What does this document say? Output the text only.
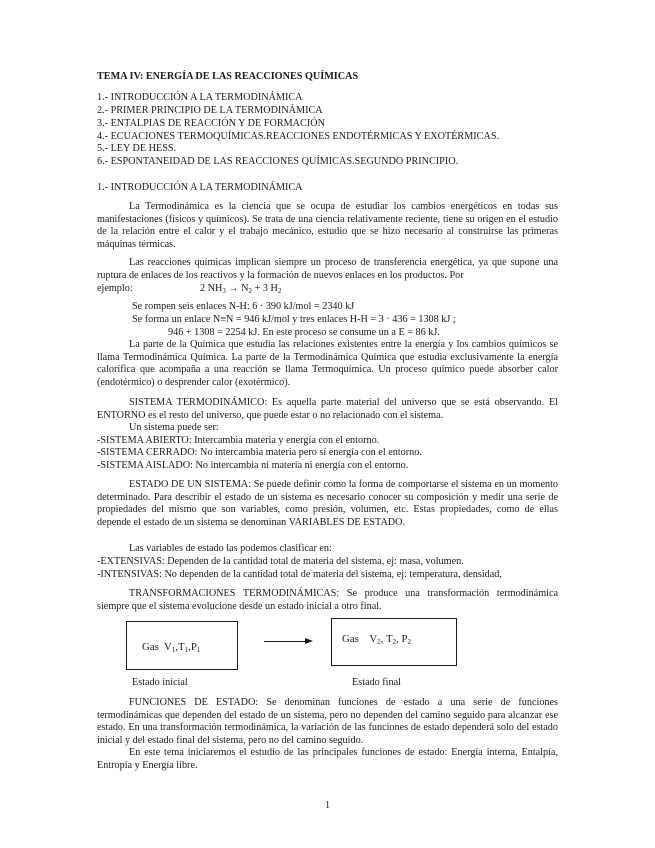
TEMA IV: ENERGÍA DE LAS REACCIONES QUÍMICAS
1.- INTRODUCCIÓN A LA TERMODINÁMICA
2.- PRIMER PRINCIPIO DE LA TERMODINÁMICA
3.- ENTALPIAS DE REACCIÓN Y DE FORMACIÓN
4.- ECUACIONES TERMOQUÍMICAS.REACCIONES ENDOTÉRMICAS Y EXOTÉRMICAS.
5.- LEY DE HESS.
6.- ESPONTANEIDAD DE LAS REACCIONES QUÍMICAS.SEGUNDO PRINCIPIO.
1.- INTRODUCCIÓN A LA TERMODINÁMICA
La Termodinámica es la ciencia que se ocupa de estudiar los cambios energéticos en todas sus manifestaciones (físicos y químicos). Se trata de una ciencia relativamente reciente, tiene su origen en el estudio de la relación entre el calor y el trabajo mecánico, estudio que se hizo necesario al construirse las primeras máquinas térmicas.
Las reacciones químicas implican siempre un proceso de transferencia energética, ya que supone una ruptura de enlaces de los reactivos y la formación de nuevos enlaces en los productos. Por
ejemplo:	2 $NH_3 \to N_2 + 3$ $H_2$
Se rompen seis enlaces N-H: 6 · 390 kJ/mol = 2340 kJ
Se forma un enlace N≡N = 946 kJ/mol y tres enlaces H-H = 3 · 436 = 1308 kJ ;
946 + 1308 = 2254 kJ. En este proceso se consume un a E = 86 kJ.
La parte de la Química que estudia las relaciones existentes entre la energía y los cambios químicos se llama Termodinámica Química. La parte de la Termodinámica Química que estudia exclusivamente la energía calorífica que acompaña a una reacción se llama Termoquímica. Un proceso químico puede absorber calor (endotérmico) o desprender calor (exotérmico).
SISTEMA TERMODINÁMICO: Es aquella parte material del universo que se está observando. El ENTORNO es el resto del universo, que puede estar o no relacionado con el sistema.
Un sistema puede ser:
-SISTEMA ABIERTO: Intercambia materia y energía con el entorno.
-SISTEMA CERRADO: No intercambia materia pero sí energía con el entorno.
-SISTEMA AISLADO: No intercambia ni materia ni energía con el entorno.
ESTADO DE UN SISTEMA: Se puede definir como la forma de comportarse el sistema en un momento determinado. Para describir el estado de un sistema es necesario conocer su composición y medir una serie de propiedades del mismo que son variables, como presión, volumen, etc. Estas propiedades, como de ellas depende el estado de un sistema se denominan VARIABLES DE ESTADO.
Las variables de estado las podemos clasificar en:
-EXTENSIVAS: Dependen de la cantidad total de materia del sistema, ej: masa, volumen.
-INTENSIVAS: No dependen de la cantidad total de materia del sistema, ej: temperatura, densidad,
TRANSFORMACIONES TERMODINÁMICAS: Se produce una transformación termodinámica siempre que el sistema evolucione desde un estado inicial a otro final.
Gas $V_1,T_1,P_1$
Gas $V_2$, $T_2$, $P_2$
Estado inicial	Estado final
FUNCIONES DE ESTADO: Se denominan funciones de estado a una serie de funciones termodinámicas que dependen del estado de un sistema, pero no dependen del camino seguido para alcanzar ese estado. En una transformación termodinámica, la variación de las funciones de estado dependerá solo del estado inicial y del estado final del sistema, pero no del camino seguido.
En este tema iniciaremos el estudio de las principales funciones de estado: Energía interna, Entalpía, Entropía y Energía libre.
1
